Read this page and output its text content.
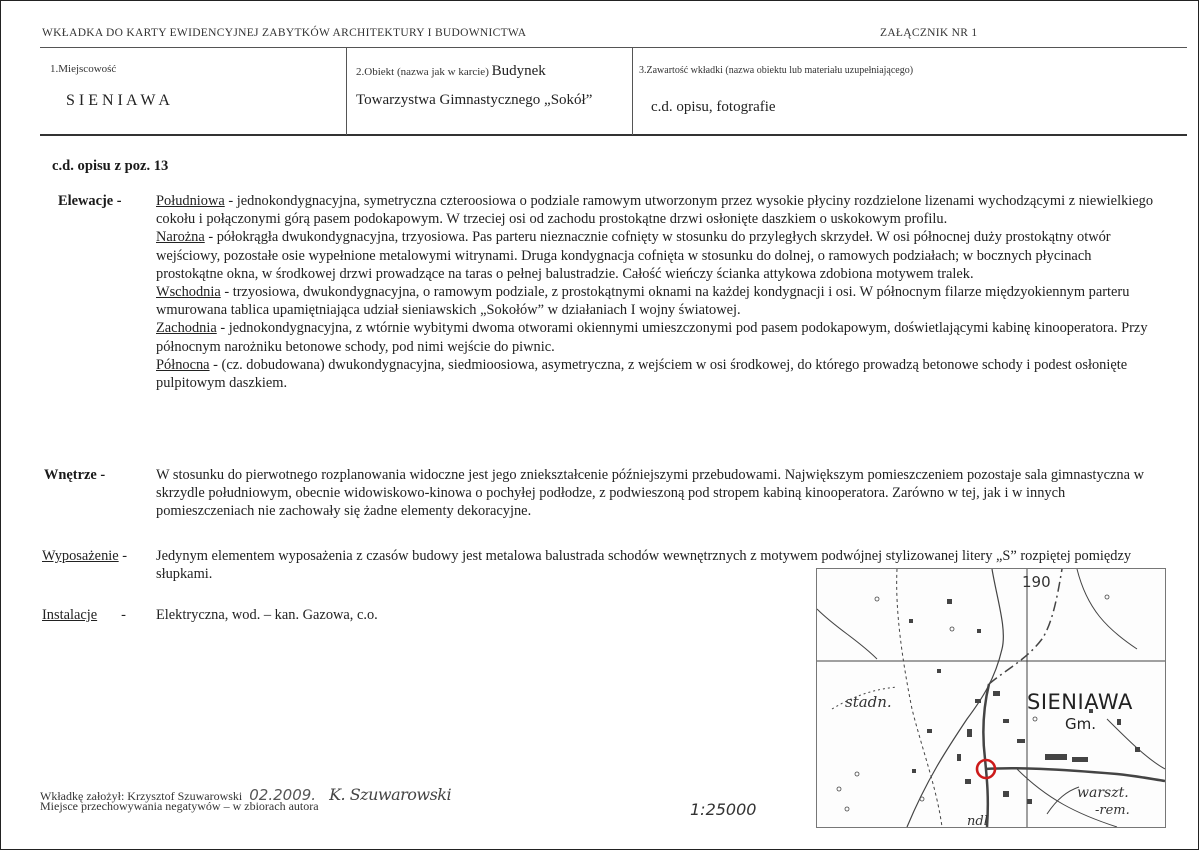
WKŁADKA DO KARTY EWIDENCYJNEJ ZABYTKÓW ARCHITEKTURY I BUDOWNICTWA	ZAŁĄCZNIK NR 1
1.Miejscowość
S I E N I A W A
2.Obiekt (nazwa jak w karcie) Budynek
Towarzystwa Gimnastycznego „Sokół”
3.Zawartość wkładki (nazwa obiektu lub materiału uzupełniającego)
c.d. opisu, fotografie
c.d. opisu z poz. 13
Elewacje - Południowa - jednokondygnacyjna, symetryczna czteroosiowa o podziale ramowym utworzonym przez wysokie płyciny rozdzielone lizenami wychodzącymi z niewielkiego cokołu i połączonymi górą pasem podokapowym. W trzeciej osi od zachodu prostokątne drzwi osłonięte daszkiem o uskokowym profilu.
Narożna - półokrągła dwukondygnacyjna, trzyosiowa. Pas parteru nieznacznie cofnięty w stosunku do przyległych skrzydeł. W osi północnej duży prostokątny otwór wejściowy, pozostałe osie wypełnione metalowymi witrynami. Druga kondygnacja cofnięta w stosunku do dolnej, o ramowych podziałach; w bocznych płycinach prostokątne okna, w środkowej drzwi prowadzące na taras o pełnej balustradzie. Całość wieńczy ścianka attykowa zdobiona motywem tralek.
Wschodnia - trzyosiowa, dwukondygnacyjna, o ramowym podziale, z prostokątnymi oknami na każdej kondygnacji i osi. W północnym filarze międzyokiennym parteru wmurowana tablica upamiętniająca udział sieniawskich „Sokołów” w działaniach I wojny światowej.
Zachodnia - jednokondygnacyjna, z wtórnie wybitymi dwoma otworami okiennymi umieszczonymi pod pasem podokapowym, doświetlającymi kabinę kinooperatora. Przy północnym narożniku betonowe schody, pod nimi wejście do piwnic.
Północna - (cz. dobudowana) dwukondygnacyjna, siedmioosiowa, asymetryczna, z wejściem w osi środkowej, do którego prowadzą betonowe schody i podest osłonięte pulpitowym daszkiem.
Wnętrze -	W stosunku do pierwotnego rozplanowania widoczne jest jego zniekształcenie późniejszymi przebudowami. Największym pomieszczeniem pozostaje sala gimnastyczna w skrzydle południowym, obecnie widowiskowo-kinowa o pochyłej podłodze, z podwieszoną pod stropem kabiną kinooperatora. Zarówno w tej, jak i w innych pomieszczeniach nie zachowały się żadne elementy dekoracyjne.
Wyposażenie - Jedynym elementem wyposażenia z czasów budowy jest metalowa balustrada schodów wewnętrznych z motywem podwójnej stylizowanej litery „S” rozpiętej pomiędzy słupkami.
Instalacje - Elektryczna, wod. – kan. Gazowa, c.o.
190
SIENIAWA
Gm.
stadn.
warszt.
-rem.
ndl
Wkładkę założył: Krzysztof Szuwarowski 02.2009. K. Szuwarowski
Miejsce przechowywania negatywów – w zbiorach autora	1:25000
